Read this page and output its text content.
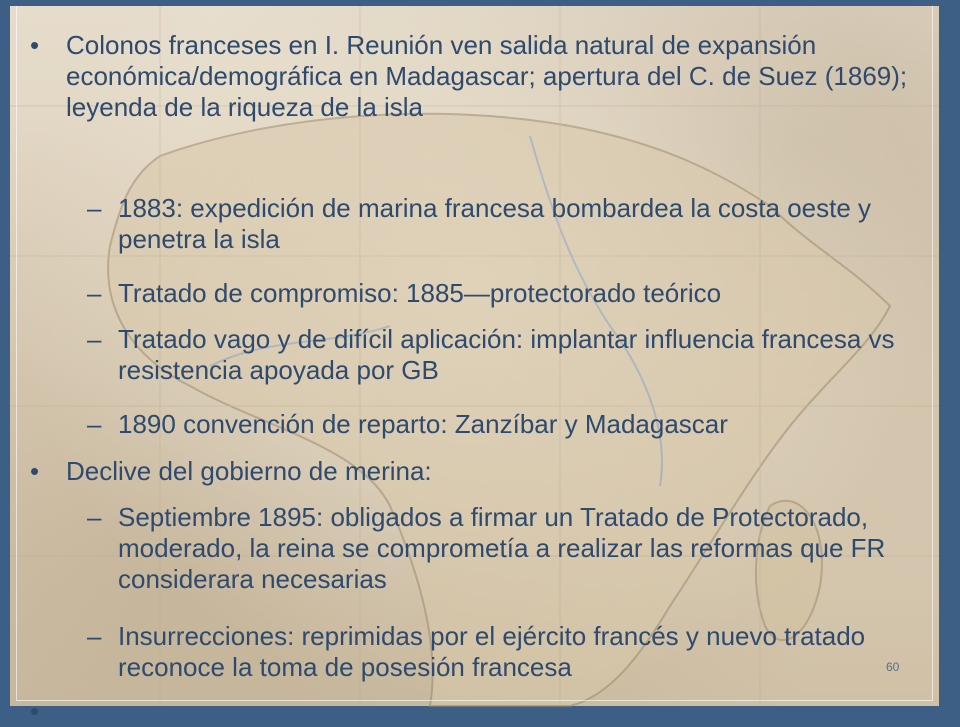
• Colonos franceses en I. Reunión ven salida natural de expansión económica/demográfica en Madagascar; apertura del C. de Suez (1869); leyenda de la riqueza de la isla
– 1883: expedición de marina francesa bombardea la costa oeste y penetra la isla
– Tratado de compromiso: 1885—protectorado teórico
– Tratado vago y de difícil aplicación: implantar influencia francesa vs resistencia apoyada por GB
– 1890 convención de reparto: Zanzíbar y Madagascar
• Declive del gobierno de merina:
– Septiembre 1895: obligados a firmar un Tratado de Protectorado, moderado, la reina se comprometía a realizar las reformas que FR considerara necesarias
– Insurrecciones: reprimidas por el ejército francés y nuevo tratado reconoce la toma de posesión francesa
•
60
